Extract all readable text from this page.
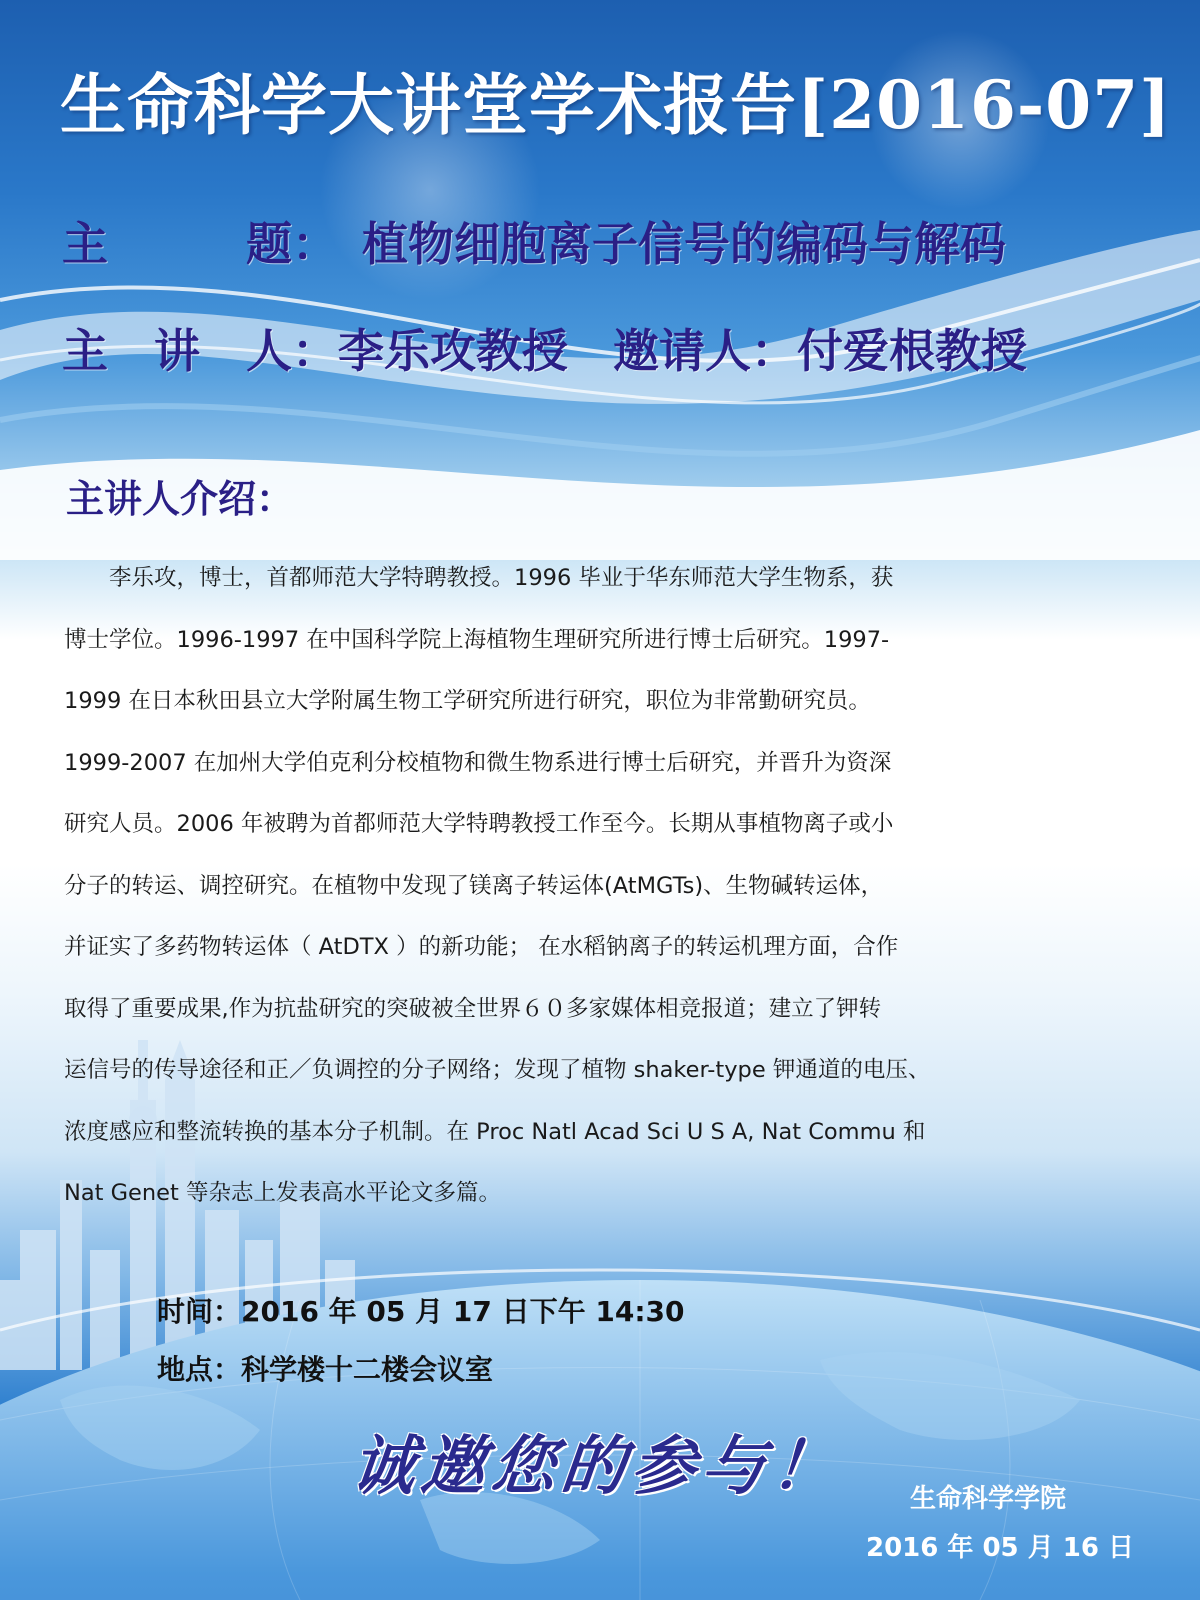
生命科学大讲堂学术报告[2016-07]
主　　　题： 植物细胞离子信号的编码与解码
主　讲　人：李乐攻教授 邀请人：付爱根教授
主讲人介绍：

　　李乐攻，博士，首都师范大学特聘教授。1996 毕业于华东师范大学生物系，获

博士学位。1996-1997 在中国科学院上海植物生理研究所进行博士后研究。1997-

1999 在日本秋田县立大学附属生物工学研究所进行研究，职位为非常勤研究员。

1999-2007 在加州大学伯克利分校植物和微生物系进行博士后研究，并晋升为资深

研究人员。2006 年被聘为首都师范大学特聘教授工作至今。长期从事植物离子或小

分子的转运、调控研究。在植物中发现了镁离子转运体(AtMGTs)、生物碱转运体，

并证实了多药物转运体（ AtDTX ）的新功能； 在水稻钠离子的转运机理方面，合作

取得了重要成果,作为抗盐研究的突破被全世界６０多家媒体相竞报道；建立了钾转

运信号的传导途径和正／负调控的分子网络；发现了植物 shaker-type 钾通道的电压、

浓度感应和整流转换的基本分子机制。在 Proc Natl Acad Sci U S A, Nat Commu 和

Nat Genet 等杂志上发表高水平论文多篇。

时间：2016 年 05 月 17 日下午 14:30
地点：科学楼十二楼会议室
诚邀您的参与！ 生命科学学院
2016 年 05 月 16 日
